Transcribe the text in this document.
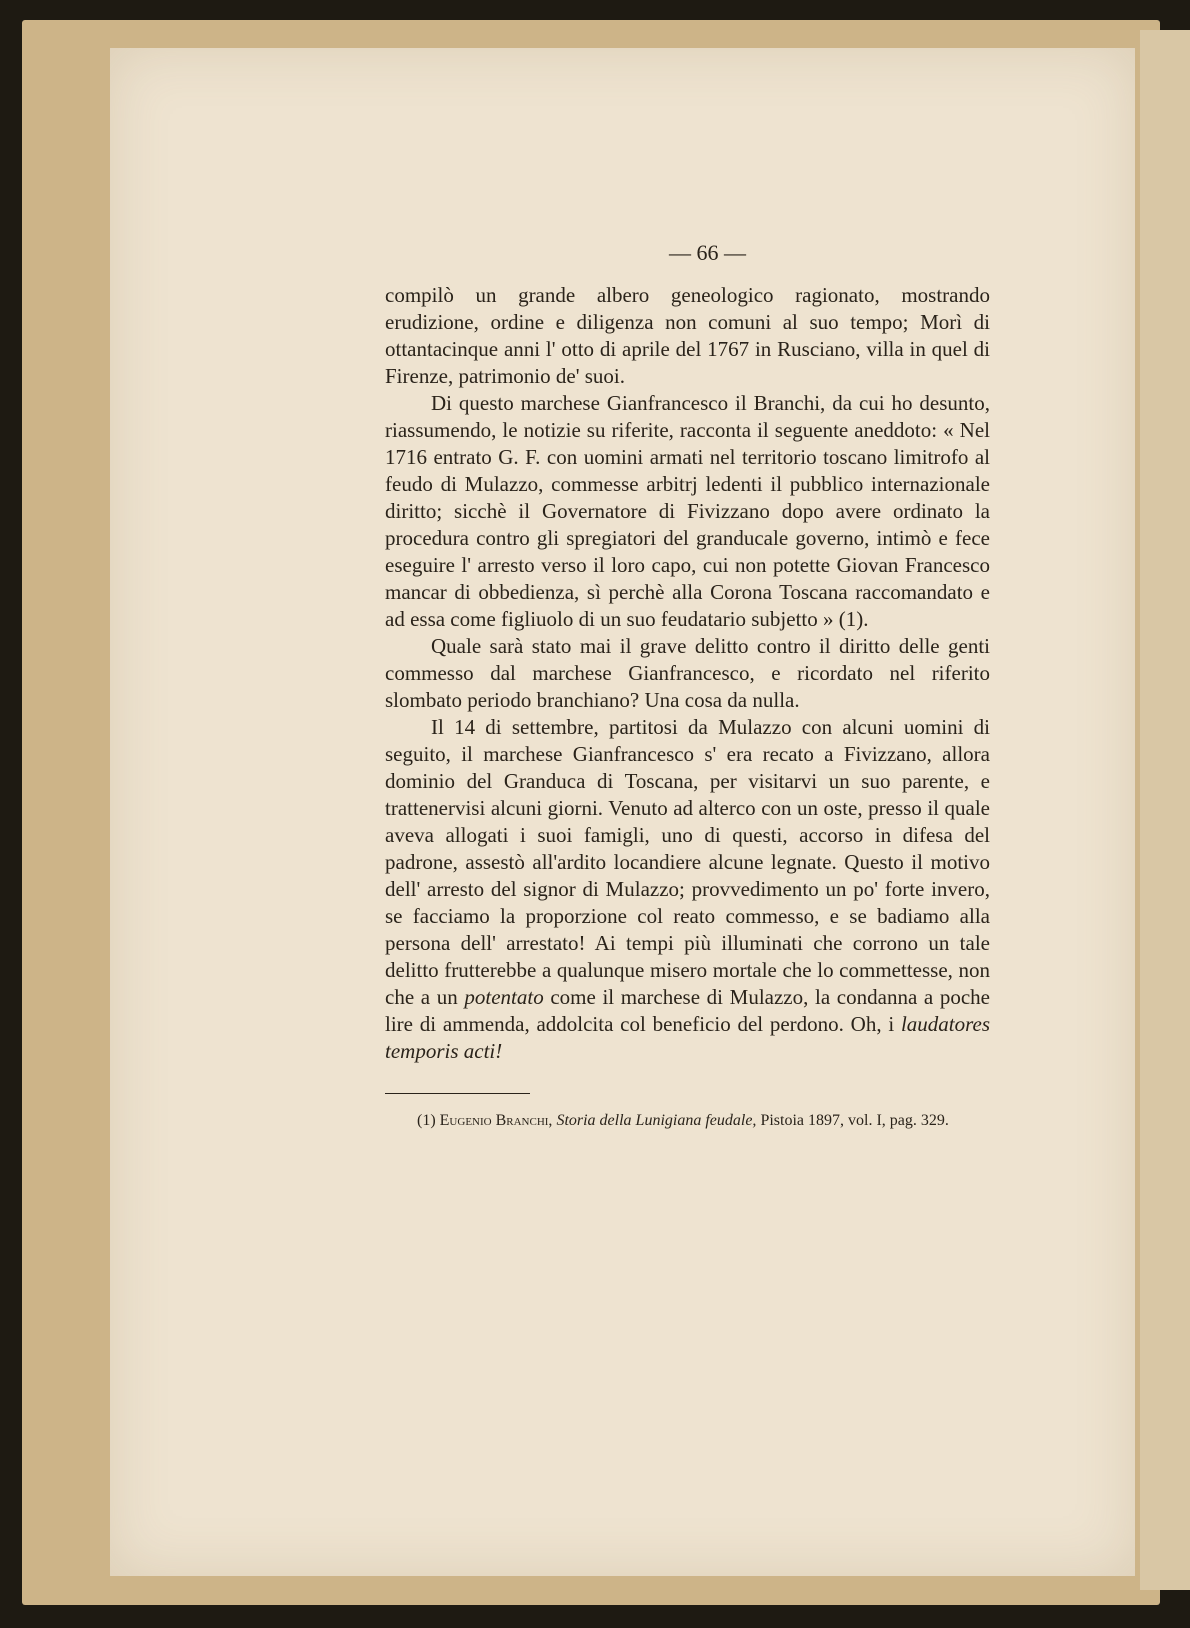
— 66 —

compilò un grande albero geneologico ragionato, mostrando erudizione, ordine e diligenza non comuni al suo tempo; Morì di ottantacinque anni l' otto di aprile del 1767 in Rusciano, villa in quel di Firenze, patrimonio de' suoi.

Di questo marchese Gianfrancesco il Branchi, da cui ho desunto, riassumendo, le notizie su riferite, racconta il seguente aneddoto: « Nel 1716 entrato G. F. con uomini armati nel territorio toscano limitrofo al feudo di Mulazzo, commesse arbitrj ledenti il pubblico internazionale diritto; sicchè il Governatore di Fivizzano dopo avere ordinato la procedura contro gli spregiatori del granducale governo, intimò e fece eseguire l' arresto verso il loro capo, cui non potette Giovan Francesco mancar di obbedienza, sì perchè alla Corona Toscana raccomandato e ad essa come figliuolo di un suo feudatario subjetto » (1).

Quale sarà stato mai il grave delitto contro il diritto delle genti commesso dal marchese Gianfrancesco, e ricordato nel riferito slombato periodo branchiano? Una cosa da nulla.

Il 14 di settembre, partitosi da Mulazzo con alcuni uomini di seguito, il marchese Gianfrancesco s' era recato a Fivizzano, allora dominio del Granduca di Toscana, per visitarvi un suo parente, e trattenervisi alcuni giorni. Venuto ad alterco con un oste, presso il quale aveva allogati i suoi famigli, uno di questi, accorso in difesa del padrone, assestò all'ardito locandiere alcune legnate. Questo il motivo dell' arresto del signor di Mulazzo; provvedimento un po' forte invero, se facciamo la proporzione col reato commesso, e se badiamo alla persona dell' arrestato! Ai tempi più illuminati che corrono un tale delitto frutterebbe a qualunque misero mortale che lo commettesse, non che a un potentato come il marchese di Mulazzo, la condanna a poche lire di ammenda, addolcita col beneficio del perdono. Oh, i laudatores temporis acti!

(1) Eugenio Branchi, Storia della Lunigiana feudale, Pistoia 1897, vol. I, pag. 329.
